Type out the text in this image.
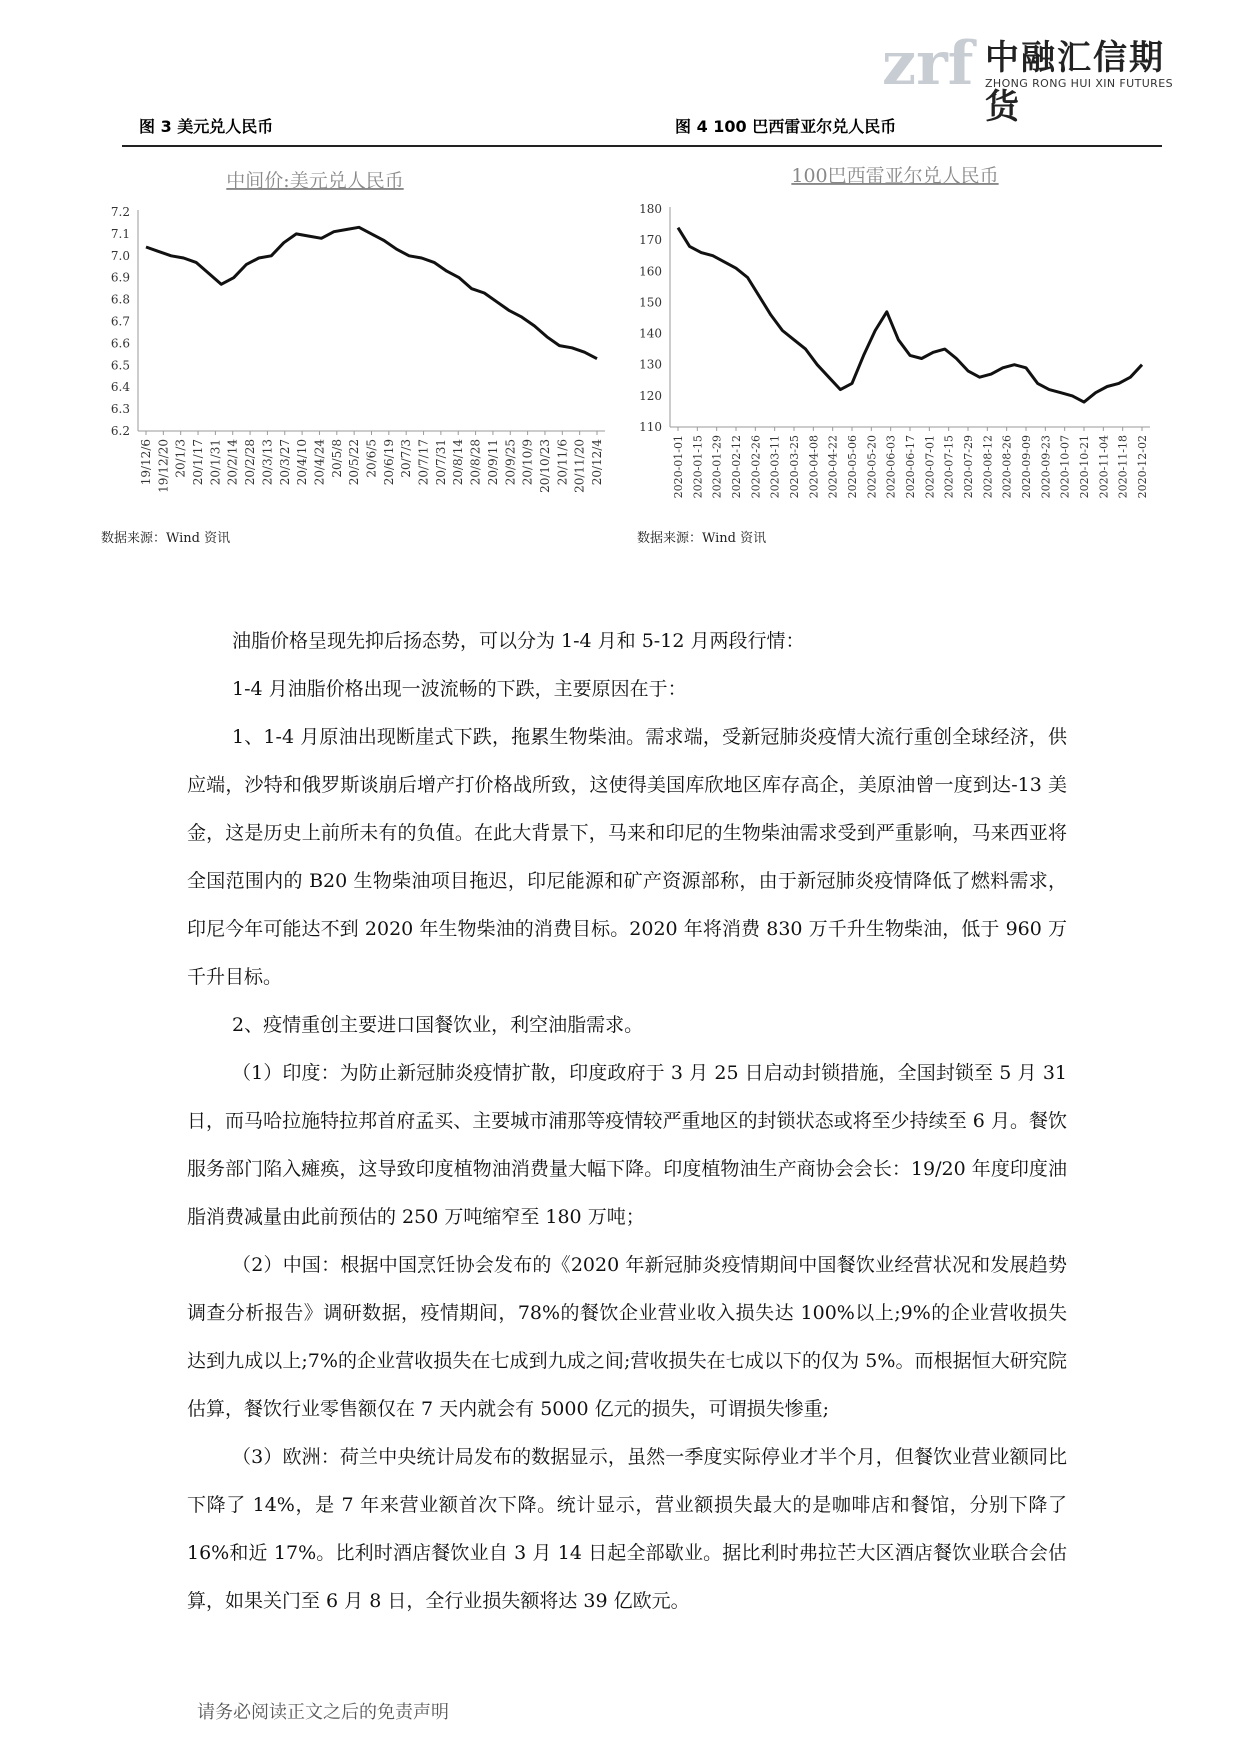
zrf 中融汇信期货
ZHONG RONG HUI XIN FUTURES
图 3 美元兑人民币	图 4 100 巴西雷亚尔兑人民币
中间价:美元兑人民币
7.2
7.1
7.0
6.9
6.8
6.7
6.6
6.5
6.4
6.3
6.2
19/12/6 19/12/20 20/1/3 20/1/17 20/1/31 20/2/14 20/2/28 20/3/13 20/3/27 20/4/10 20/4/24 20/5/8 20/5/22 20/6/5 20/6/19 20/7/3 20/7/17 20/7/31 20/8/14 20/8/28 20/9/11 20/9/25 20/10/9 20/10/23 20/11/6 20/11/20 20/12/4
100巴西雷亚尔兑人民币
180
170
160
150
140
130
120
110
2020-01-01 2020-01-15 2020-01-29 2020-02-12 2020-02-26 2020-03-11 2020-03-25 2020-04-08 2020-04-22 2020-05-06 2020-05-20 2020-06-03 2020-06-17 2020-07-01 2020-07-15 2020-07-29 2020-08-12 2020-08-26 2020-09-09 2020-09-23 2020-10-07 2020-10-21 2020-11-04 2020-11-18 2020-12-02
数据来源：Wind 资讯	数据来源：Wind 资讯

油脂价格呈现先抑后扬态势，可以分为 1-4 月和 5-12 月两段行情：

1-4 月油脂价格出现一波流畅的下跌，主要原因在于：

1、1-4 月原油出现断崖式下跌，拖累生物柴油。需求端，受新冠肺炎疫情大流行重创全球经济，供应端，沙特和俄罗斯谈崩后增产打价格战所致，这使得美国库欣地区库存高企，美原油曾一度到达-13 美金，这是历史上前所未有的负值。在此大背景下，马来和印尼的生物柴油需求受到严重影响，马来西亚将全国范围内的 B20 生物柴油项目拖迟，印尼能源和矿产资源部称，由于新冠肺炎疫情降低了燃料需求，印尼今年可能达不到 2020 年生物柴油的消费目标。2020 年将消费 830 万千升生物柴油，低于 960 万千升目标。

2、疫情重创主要进口国餐饮业，利空油脂需求。

（1）印度：为防止新冠肺炎疫情扩散，印度政府于 3 月 25 日启动封锁措施，全国封锁至 5 月 31 日，而马哈拉施特拉邦首府孟买、主要城市浦那等疫情较严重地区的封锁状态或将至少持续至 6 月。餐饮服务部门陷入瘫痪，这导致印度植物油消费量大幅下降。印度植物油生产商协会会长：19/20 年度印度油脂消费减量由此前预估的 250 万吨缩窄至 180 万吨；

（2）中国：根据中国烹饪协会发布的《2020 年新冠肺炎疫情期间中国餐饮业经营状况和发展趋势调查分析报告》调研数据，疫情期间，78%的餐饮企业营业收入损失达 100%以上;9%的企业营收损失达到九成以上;7%的企业营收损失在七成到九成之间;营收损失在七成以下的仅为 5%。而根据恒大研究院估算，餐饮行业零售额仅在 7 天内就会有 5000 亿元的损失，可谓损失惨重;

（3）欧洲：荷兰中央统计局发布的数据显示，虽然一季度实际停业才半个月，但餐饮业营业额同比下降了 14%，是 7 年来营业额首次下降。统计显示，营业额损失最大的是咖啡店和餐馆，分别下降了 16%和近 17%。比利时酒店餐饮业自 3 月 14 日起全部歇业。据比利时弗拉芒大区酒店餐饮业联合会估算，如果关门至 6 月 8 日，全行业损失额将达 39 亿欧元。

请务必阅读正文之后的免责声明
